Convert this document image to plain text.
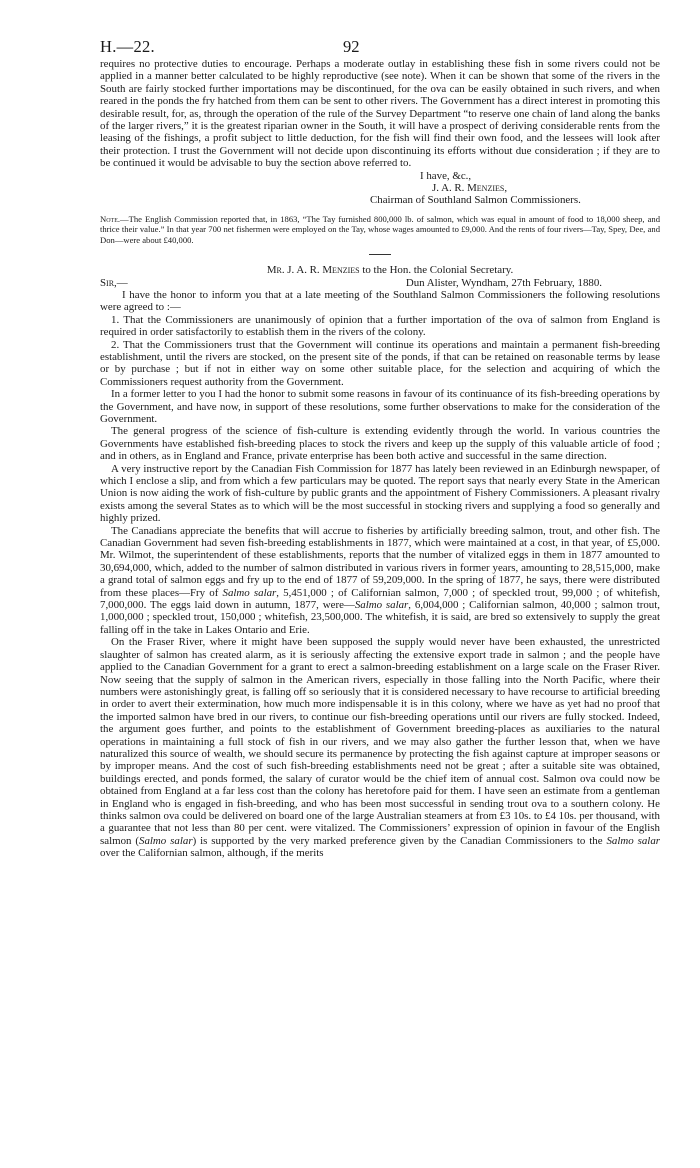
H.—22.	92

requires no protective duties to encourage. Perhaps a moderate outlay in establishing these fish in some rivers could not be applied in a manner better calculated to be highly reproductive (see note). When it can be shown that some of the rivers in the South are fairly stocked further importations may be discontinued, for the ova can be easily obtained in such rivers, and when reared in the ponds the fry hatched from them can be sent to other rivers. The Government has a direct interest in promoting this desirable result, for, as, through the operation of the rule of the Survey Department “to reserve one chain of land along the banks of the larger rivers,” it is the greatest riparian owner in the South, it will have a prospect of deriving considerable rents from the leasing of the fishings, a profit subject to little deduction, for the fish will find their own food, and the lessees will look after their protection. I trust the Government will not decide upon discontinuing its efforts without due consideration ; if they are to be continued it would be advisable to buy the section above referred to.

I have, &c.,
J. A. R. Menzies,
Chairman of Southland Salmon Commissioners.
Note.—The English Commission reported that, in 1863, “The Tay furnished 800,000 lb. of salmon, which was equal in amount of food to 18,000 sheep, and thrice their value.” In that year 700 net fishermen were employed on the Tay, whose wages amounted to £9,000. And the rents of four rivers—Tay, Spey, Dee, and Don—were about £40,000.

Mr. J. A. R. Menzies to the Hon. the Colonial Secretary.

Sir,—	Dun Alister, Wyndham, 27th February, 1880.

I have the honor to inform you that at a late meeting of the Southland Salmon Commissioners the following resolutions were agreed to :—

1. That the Commissioners are unanimously of opinion that a further importation of the ova of salmon from England is required in order satisfactorily to establish them in the rivers of the colony.

2. That the Commissioners trust that the Government will continue its operations and maintain a permanent fish-breeding establishment, until the rivers are stocked, on the present site of the ponds, if that can be retained on reasonable terms by lease or by purchase ; but if not in either way on some other suitable place, for the selection and acquiring of which the Commissioners request authority from the Government.

In a former letter to you I had the honor to submit some reasons in favour of its continuance of its fish-breeding operations by the Government, and have now, in support of these resolutions, some further observations to make for the consideration of the Government.

The general progress of the science of fish-culture is extending evidently through the world. In various countries the Governments have established fish-breeding places to stock the rivers and keep up the supply of this valuable article of food ; and in others, as in England and France, private enterprise has been both active and successful in the same direction.

A very instructive report by the Canadian Fish Commission for 1877 has lately been reviewed in an Edinburgh newspaper, of which I enclose a slip, and from which a few particulars may be quoted. The report says that nearly every State in the American Union is now aiding the work of fish-culture by public grants and the appointment of Fishery Commissioners. A pleasant rivalry exists among the several States as to which will be the most successful in stocking rivers and supplying a food so generally and highly prized.

The Canadians appreciate the benefits that will accrue to fisheries by artificially breeding salmon, trout, and other fish. The Canadian Government had seven fish-breeding establishments in 1877, which were maintained at a cost, in that year, of £5,000. Mr. Wilmot, the superintendent of these establishments, reports that the number of vitalized eggs in them in 1877 amounted to 30,694,000, which, added to the number of salmon distributed in various rivers in former years, amounting to 28,515,000, make a grand total of salmon eggs and fry up to the end of 1877 of 59,209,000. In the spring of 1877, he says, there were distributed from these places—Fry of Salmo salar, 5,451,000 ; of Californian salmon, 7,000 ; of speckled trout, 99,000 ; of whitefish, 7,000,000. The eggs laid down in autumn, 1877, were—Salmo salar, 6,004,000 ; Californian salmon, 40,000 ; salmon trout, 1,000,000 ; speckled trout, 150,000 ; whitefish, 23,500,000. The whitefish, it is said, are bred so extensively to supply the great falling off in the take in Lakes Ontario and Erie.

On the Fraser River, where it might have been supposed the supply would never have been exhausted, the unrestricted slaughter of salmon has created alarm, as it is seriously affecting the extensive export trade in salmon ; and the people have applied to the Canadian Government for a grant to erect a salmon-breeding establishment on a large scale on the Fraser River. Now seeing that the supply of salmon in the American rivers, especially in those falling into the North Pacific, where their numbers were astonishingly great, is falling off so seriously that it is considered necessary to have recourse to artificial breeding in order to avert their extermination, how much more indispensable it is in this colony, where we have as yet had no proof that the imported salmon have bred in our rivers, to continue our fish-breeding operations until our rivers are fully stocked. Indeed, the argument goes further, and points to the establishment of Government breeding-places as auxiliaries to the natural operations in maintaining a full stock of fish in our rivers, and we may also gather the further lesson that, when we have naturalized this source of wealth, we should secure its permanence by protecting the fish against capture at improper seasons or by improper means. And the cost of such fish-breeding establishments need not be great ; after a suitable site was obtained, buildings erected, and ponds formed, the salary of curator would be the chief item of annual cost. Salmon ova could now be obtained from England at a far less cost than the colony has heretofore paid for them. I have seen an estimate from a gentleman in England who is engaged in fish-breeding, and who has been most successful in sending trout ova to a southern colony. He thinks salmon ova could be delivered on board one of the large Australian steamers at from £3 10s. to £4 10s. per thousand, with a guarantee that not less than 80 per cent. were vitalized. The Commissioners’ expression of opinion in favour of the English salmon (Salmo salar) is supported by the very marked preference given by the Canadian Commissioners to the Salmo salar over the Californian salmon, although, if the merits
